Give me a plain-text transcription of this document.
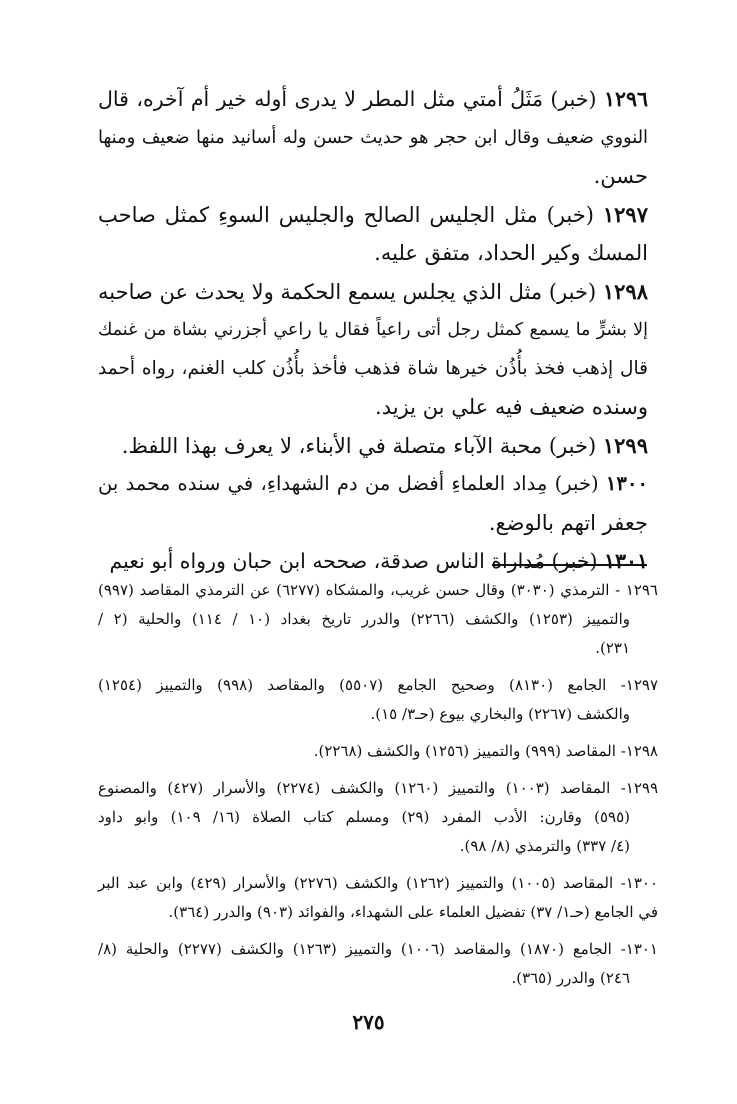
١٢٩٦ (خبر) مَثَلُ أمتي مثل المطر لا يدرى أوله خير أم آخره، قال
النووي ضعيف وقال ابن حجر هو حديث حسن وله أسانيد منها ضعيف ومنها
حسن.
١٢٩٧ (خبر) مثل الجليس الصالح والجليس السوءِ كمثل صاحب
المسك وكير الحداد، متفق عليه.
١٢٩٨ (خبر) مثل الذي يجلس يسمع الحكمة ولا يحدث عن صاحبه
إلا بشرٍّ ما يسمع كمثل رجل أتى راعياً فقال يا راعي أجزرني بشاة من غنمك
قال إذهب فخذ بأُذُن خيرها شاة فذهب فأخذ بأُذُن كلب الغنم، رواه أحمد
وسنده ضعيف فيه علي بن يزيد.
١٢٩٩ (خبر) محبة الآباء متصلة في الأبناء، لا يعرف بهذا اللفظ.
١٣٠٠ (خبر) مِداد العلماءِ أفضل من دم الشهداءِ، في سنده محمد بن
جعفر اتهم بالوضع.
١٣٠١ (خبر) مُداراة الناس صدقة، صححه ابن حبان ورواه أبو نعيم
١٢٩٦ - الترمذي (٣٠٣٠) وقال حسن غريب، والمشكاه (٦٢٧٧) عن الترمذي المقاصد (٩٩٧)
والتمييز (١٢٥٣) والكشف (٢٢٦٦) والدرر تاريخ بغداد (١٠ / ١١٤) والحلية (٢ /
٢٣١).
١٢٩٧- الجامع (٨١٣٠) وصحيح الجامع (٥٥٠٧) والمقاصد (٩٩٨) والتمييز (١٢٥٤)
والكشف (٢٢٦٧) والبخاري بيوع (حـ٣/ ١٥).
١٢٩٨- المقاصد (٩٩٩) والتمييز (١٢٥٦) والكشف (٢٢٦٨).
١٢٩٩- المقاصد (١٠٠٣) والتمييز (١٢٦٠) والكشف (٢٢٧٤) والأسرار (٤٢٧) والمصنوع
(٥٩٥) وقارن: الأدب المفرد (٢٩) ومسلم كتاب الصلاة (١٦/ ١٠٩) وابو داود
(٤/ ٣٣٧) والترمذي (٨/ ٩٨).
١٣٠٠- المقاصد (١٠٠٥) والتمييز (١٢٦٢) والكشف (٢٢٧٦) والأسرار (٤٢٩) وابن عبد البر
في الجامع (حـ١/ ٣٧) تفضيل العلماء على الشهداء، والفوائد (٩٠٣) والدرر (٣٦٤).
١٣٠١- الجامع (١٨٧٠) والمقاصد (١٠٠٦) والتمييز (١٢٦٣) والكشف (٢٢٧٧) والحلية (٨/
٢٤٦) والدرر (٣٦٥).
٢٧٥
